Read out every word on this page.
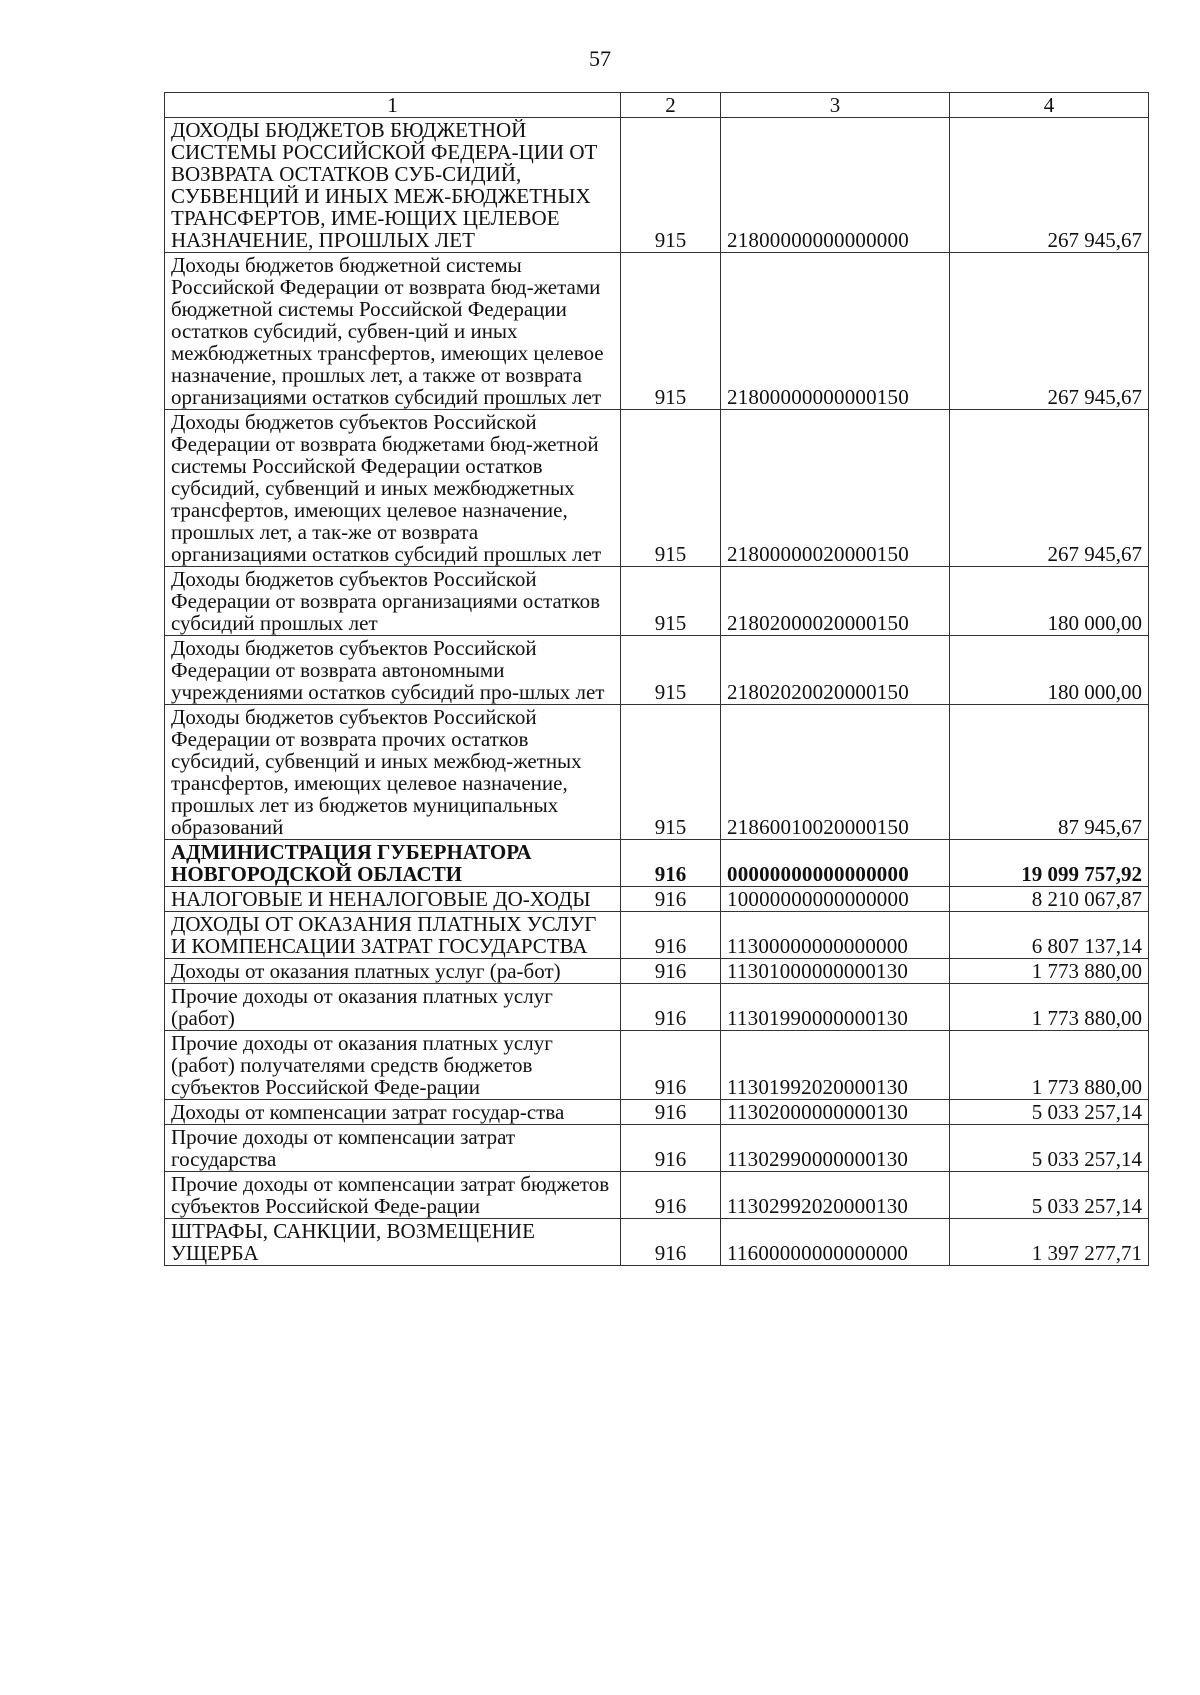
57
1	2	3	4
ДОХОДЫ БЮДЖЕТОВ БЮДЖЕТНОЙ СИСТЕМЫ РОССИЙСКОЙ ФЕДЕРА-ЦИИ ОТ ВОЗВРАТА ОСТАТКОВ СУБ-СИДИЙ, СУБВЕНЦИЙ И ИНЫХ МЕЖ-БЮДЖЕТНЫХ ТРАНСФЕРТОВ, ИМЕ-ЮЩИХ ЦЕЛЕВОЕ НАЗНАЧЕНИЕ, ПРОШЛЫХ ЛЕТ	915	21800000000000000	267 945,67
Доходы бюджетов бюджетной системы Российской Федерации от возврата бюд-жетами бюджетной системы Российской Федерации остатков субсидий, субвен-ций и иных межбюджетных трансфертов, имеющих целевое назначение, прошлых лет, а также от возврата организациями остатков субсидий прошлых лет	915	21800000000000150	267 945,67
Доходы бюджетов субъектов Российской Федерации от возврата бюджетами бюд-жетной системы Российской Федерации остатков субсидий, субвенций и иных межбюджетных трансфертов, имеющих целевое назначение, прошлых лет, а так-же от возврата организациями остатков субсидий прошлых лет	915	21800000020000150	267 945,67
Доходы бюджетов субъектов Российской Федерации от возврата организациями остатков субсидий прошлых лет	915	21802000020000150	180 000,00
Доходы бюджетов субъектов Российской Федерации от возврата автономными учреждениями остатков субсидий про-шлых лет	915	21802020020000150	180 000,00
Доходы бюджетов субъектов Российской Федерации от возврата прочих остатков субсидий, субвенций и иных межбюд-жетных трансфертов, имеющих целевое назначение, прошлых лет из бюджетов муниципальных образований	915	21860010020000150	87 945,67
АДМИНИСТРАЦИЯ ГУБЕРНАТОРА НОВГОРОДСКОЙ ОБЛАСТИ	916	00000000000000000	19 099 757,92
НАЛОГОВЫЕ И НЕНАЛОГОВЫЕ ДО-ХОДЫ	916	10000000000000000	8 210 067,87
ДОХОДЫ ОТ ОКАЗАНИЯ ПЛАТНЫХ УСЛУГ И КОМПЕНСАЦИИ ЗАТРАТ ГОСУДАРСТВА	916	11300000000000000	6 807 137,14
Доходы от оказания платных услуг (ра-бот)	916	11301000000000130	1 773 880,00
Прочие доходы от оказания платных услуг (работ)	916	11301990000000130	1 773 880,00
Прочие доходы от оказания платных услуг (работ) получателями средств бюджетов субъектов Российской Феде-рации	916	11301992020000130	1 773 880,00
Доходы от компенсации затрат государ-ства	916	11302000000000130	5 033 257,14
Прочие доходы от компенсации затрат государства	916	11302990000000130	5 033 257,14
Прочие доходы от компенсации затрат бюджетов субъектов Российской Феде-рации	916	11302992020000130	5 033 257,14
ШТРАФЫ, САНКЦИИ, ВОЗМЕЩЕНИЕ УЩЕРБА	916	11600000000000000	1 397 277,71
